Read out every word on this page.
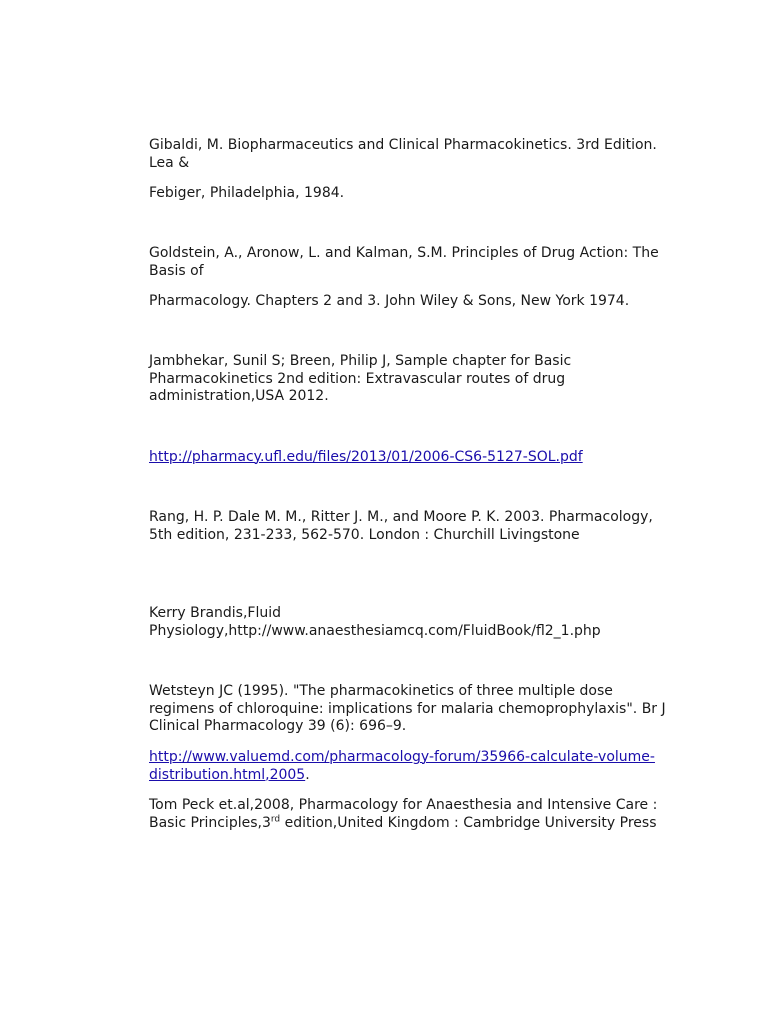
Gibaldi, M. Biopharmaceutics and Clinical Pharmacokinetics. 3rd Edition. Lea &

Febiger, Philadelphia, 1984.

Goldstein, A., Aronow, L. and Kalman, S.M. Principles of Drug Action: The Basis of

Pharmacology. Chapters 2 and 3. John Wiley & Sons, New York 1974.

Jambhekar, Sunil S; Breen, Philip J, Sample chapter for Basic Pharmacokinetics 2nd edition: Extravascular routes of drug administration,USA 2012.

http://pharmacy.ufl.edu/files/2013/01/2006-CS6-5127-SOL.pdf

Rang, H. P. Dale M. M., Ritter J. M., and Moore P. K. 2003. Pharmacology, 5th edition, 231-233, 562-570. London : Churchill Livingstone

Kerry Brandis,Fluid Physiology,http://www.anaesthesiamcq.com/FluidBook/fl2_1.php

Wetsteyn JC (1995). "The pharmacokinetics of three multiple dose regimens of chloroquine: implications for malaria chemoprophylaxis". Br J Clinical Pharmacology 39 (6): 696–9.

http://www.valuemd.com/pharmacology-forum/35966-calculate-volume-distribution.html,2005.

Tom Peck et.al,2008, Pharmacology for Anaesthesia and Intensive Care : Basic Principles,3rd edition,United Kingdom : Cambridge University Press
